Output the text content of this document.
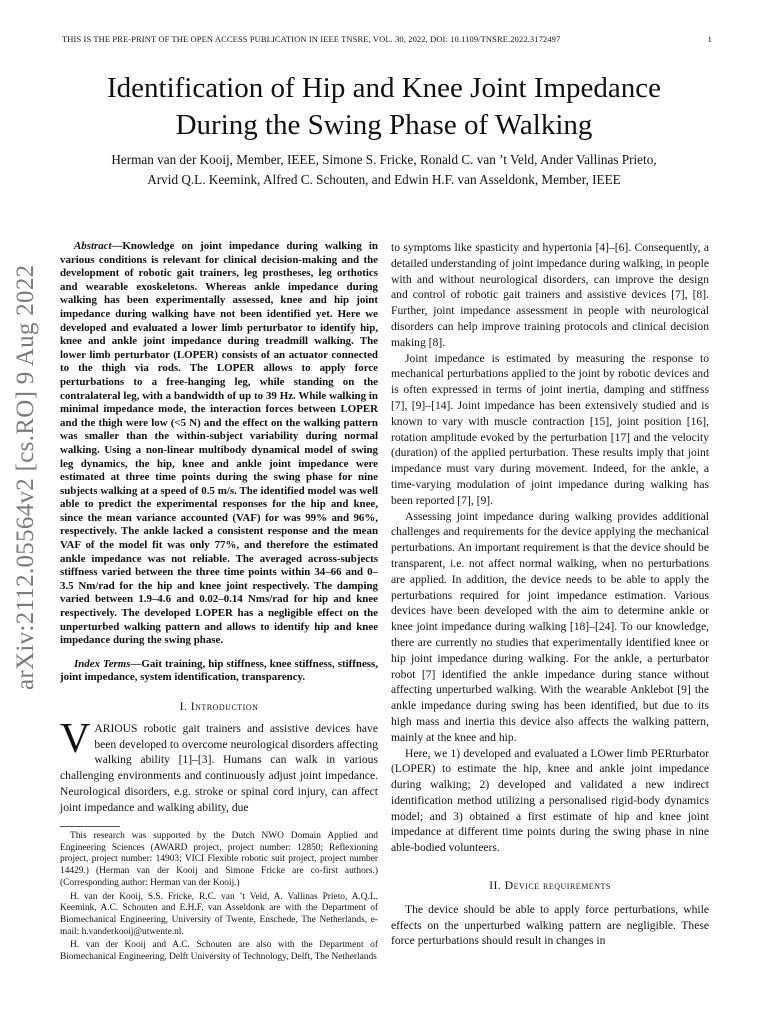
THIS IS THE PRE-PRINT OF THE OPEN ACCESS PUBLICATION IN IEEE TNSRE, VOL. 30, 2022, DOI: 10.1109/TNSRE.2022.3172497	1
arXiv:2112.05564v2 [cs.RO] 9 Aug 2022
Identification of Hip and Knee Joint Impedance
During the Swing Phase of Walking
Herman van der Kooij, Member, IEEE, Simone S. Fricke, Ronald C. van ’t Veld, Ander Vallinas Prieto,
Arvid Q.L. Keemink, Alfred C. Schouten, and Edwin H.F. van Asseldonk, Member, IEEE

Abstract—Knowledge on joint impedance during walking in various conditions is relevant for clinical decision-making and the development of robotic gait trainers, leg prostheses, leg orthotics and wearable exoskeletons. Whereas ankle impedance during walking has been experimentally assessed, knee and hip joint impedance during walking have not been identified yet. Here we developed and evaluated a lower limb perturbator to identify hip, knee and ankle joint impedance during treadmill walking. The lower limb perturbator (LOPER) consists of an actuator connected to the thigh via rods. The LOPER allows to apply force perturbations to a free-hanging leg, while standing on the contralateral leg, with a bandwidth of up to 39 Hz. While walking in minimal impedance mode, the interaction forces between LOPER and the thigh were low (<5 N) and the effect on the walking pattern was smaller than the within-subject variability during normal walking. Using a non-linear multibody dynamical model of swing leg dynamics, the hip, knee and ankle joint impedance were estimated at three time points during the swing phase for nine subjects walking at a speed of 0.5 m/s. The identified model was well able to predict the experimental responses for the hip and knee, since the mean variance accounted (VAF) for was 99% and 96%, respectively. The ankle lacked a consistent response and the mean VAF of the model fit was only 77%, and therefore the estimated ankle impedance was not reliable. The averaged across-subjects stiffness varied between the three time points within 34–66 and 0–3.5 Nm/rad for the hip and knee joint respectively. The damping varied between 1.9–4.6 and 0.02–0.14 Nms/rad for hip and knee respectively. The developed LOPER has a negligible effect on the unperturbed walking pattern and allows to identify hip and knee impedance during the swing phase.

Index Terms—Gait training, hip stiffness, knee stiffness, stiffness, joint impedance, system identification, transparency.

I. Introduction

VARIOUS robotic gait trainers and assistive devices have been developed to overcome neurological disorders affecting walking ability [1]–[3]. Humans can walk in various challenging environments and continuously adjust joint impedance. Neurological disorders, e.g. stroke or spinal cord injury, can affect joint impedance and walking ability, due

This research was supported by the Dutch NWO Domain Applied and Engineering Sciences (AWARD project, project number: 12850; Reflexioning project, project number: 14903; VICI Flexible robotic suit project, project number 14429.) (Herman van der Kooij and Simone Fricke are co-first authors.) (Corresponding author: Herman van der Kooij.)

H. van der Kooij, S.S. Fricke, R.C. van ’t Veld, A. Vallinas Prieto, A.Q.L. Keemink, A.C. Schouten and E.H.F. van Asseldonk are with the Department of Biomechanical Engineering, University of Twente, Enschede, The Netherlands, e-mail: h.vanderkooij@utwente.nl.

H. van der Kooij and A.C. Schouten are also with the Department of Biomechanical Engineering, Delft University of Technology, Delft, The Netherlands

to symptoms like spasticity and hypertonia [4]–[6]. Consequently, a detailed understanding of joint impedance during walking, in people with and without neurological disorders, can improve the design and control of robotic gait trainers and assistive devices [7], [8]. Further, joint impedance assessment in people with neurological disorders can help improve training protocols and clinical decision making [8].

Joint impedance is estimated by measuring the response to mechanical perturbations applied to the joint by robotic devices and is often expressed in terms of joint inertia, damping and stiffness [7], [9]–[14]. Joint impedance has been extensively studied and is known to vary with muscle contraction [15], joint position [16], rotation amplitude evoked by the perturbation [17] and the velocity (duration) of the applied perturbation. These results imply that joint impedance must vary during movement. Indeed, for the ankle, a time-varying modulation of joint impedance during walking has been reported [7], [9].

Assessing joint impedance during walking provides additional challenges and requirements for the device applying the mechanical perturbations. An important requirement is that the device should be transparent, i.e. not affect normal walking, when no perturbations are applied. In addition, the device needs to be able to apply the perturbations required for joint impedance estimation. Various devices have been developed with the aim to determine ankle or knee joint impedance during walking [18]–[24]. To our knowledge, there are currently no studies that experimentally identified knee or hip joint impedance during walking. For the ankle, a perturbator robot [7] identified the ankle impedance during stance without affecting unperturbed walking. With the wearable Anklebot [9] the ankle impedance during swing has been identified, but due to its high mass and inertia this device also affects the walking pattern, mainly at the knee and hip.

Here, we 1) developed and evaluated a LOwer limb PERturbator (LOPER) to estimate the hip, knee and ankle joint impedance during walking; 2) developed and validated a new indirect identification method utilizing a personalised rigid-body dynamics model; and 3) obtained a first estimate of hip and knee joint impedance at different time points during the swing phase in nine able-bodied volunteers.

II. Device requirements

The device should be able to apply force perturbations, while effects on the unperturbed walking pattern are negligible. These force perturbations should result in changes in
